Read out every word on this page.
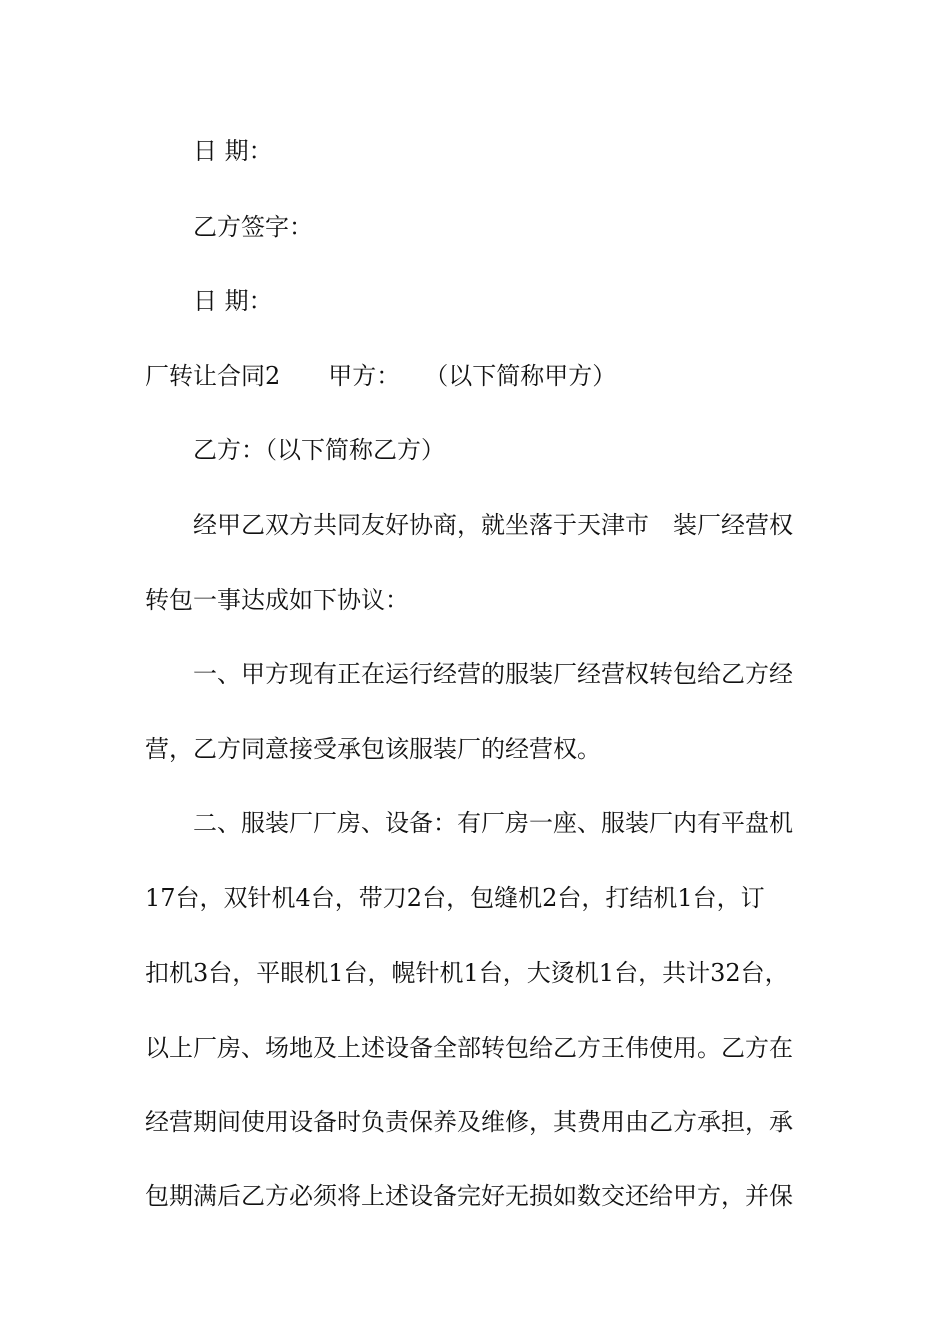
日 期：
乙方签字：
日 期：
厂转让合同2　　甲方：　　（以下简称甲方）
乙方：（以下简称乙方）
经甲乙双方共同友好协商，就坐落于天津市　装厂经营权
转包一事达成如下协议：
一、甲方现有正在运行经营的服装厂经营权转包给乙方经
营，乙方同意接受承包该服装厂的经营权。
二、服装厂厂房、设备：有厂房一座、服装厂内有平盘机
17台，双针机4台，带刀2台，包缝机2台，打结机1台，订
扣机3台，平眼机1台，幌针机1台，大烫机1台，共计32台，
以上厂房、场地及上述设备全部转包给乙方王伟使用。乙方在
经营期间使用设备时负责保养及维修，其费用由乙方承担，承
包期满后乙方必须将上述设备完好无损如数交还给甲方，并保
